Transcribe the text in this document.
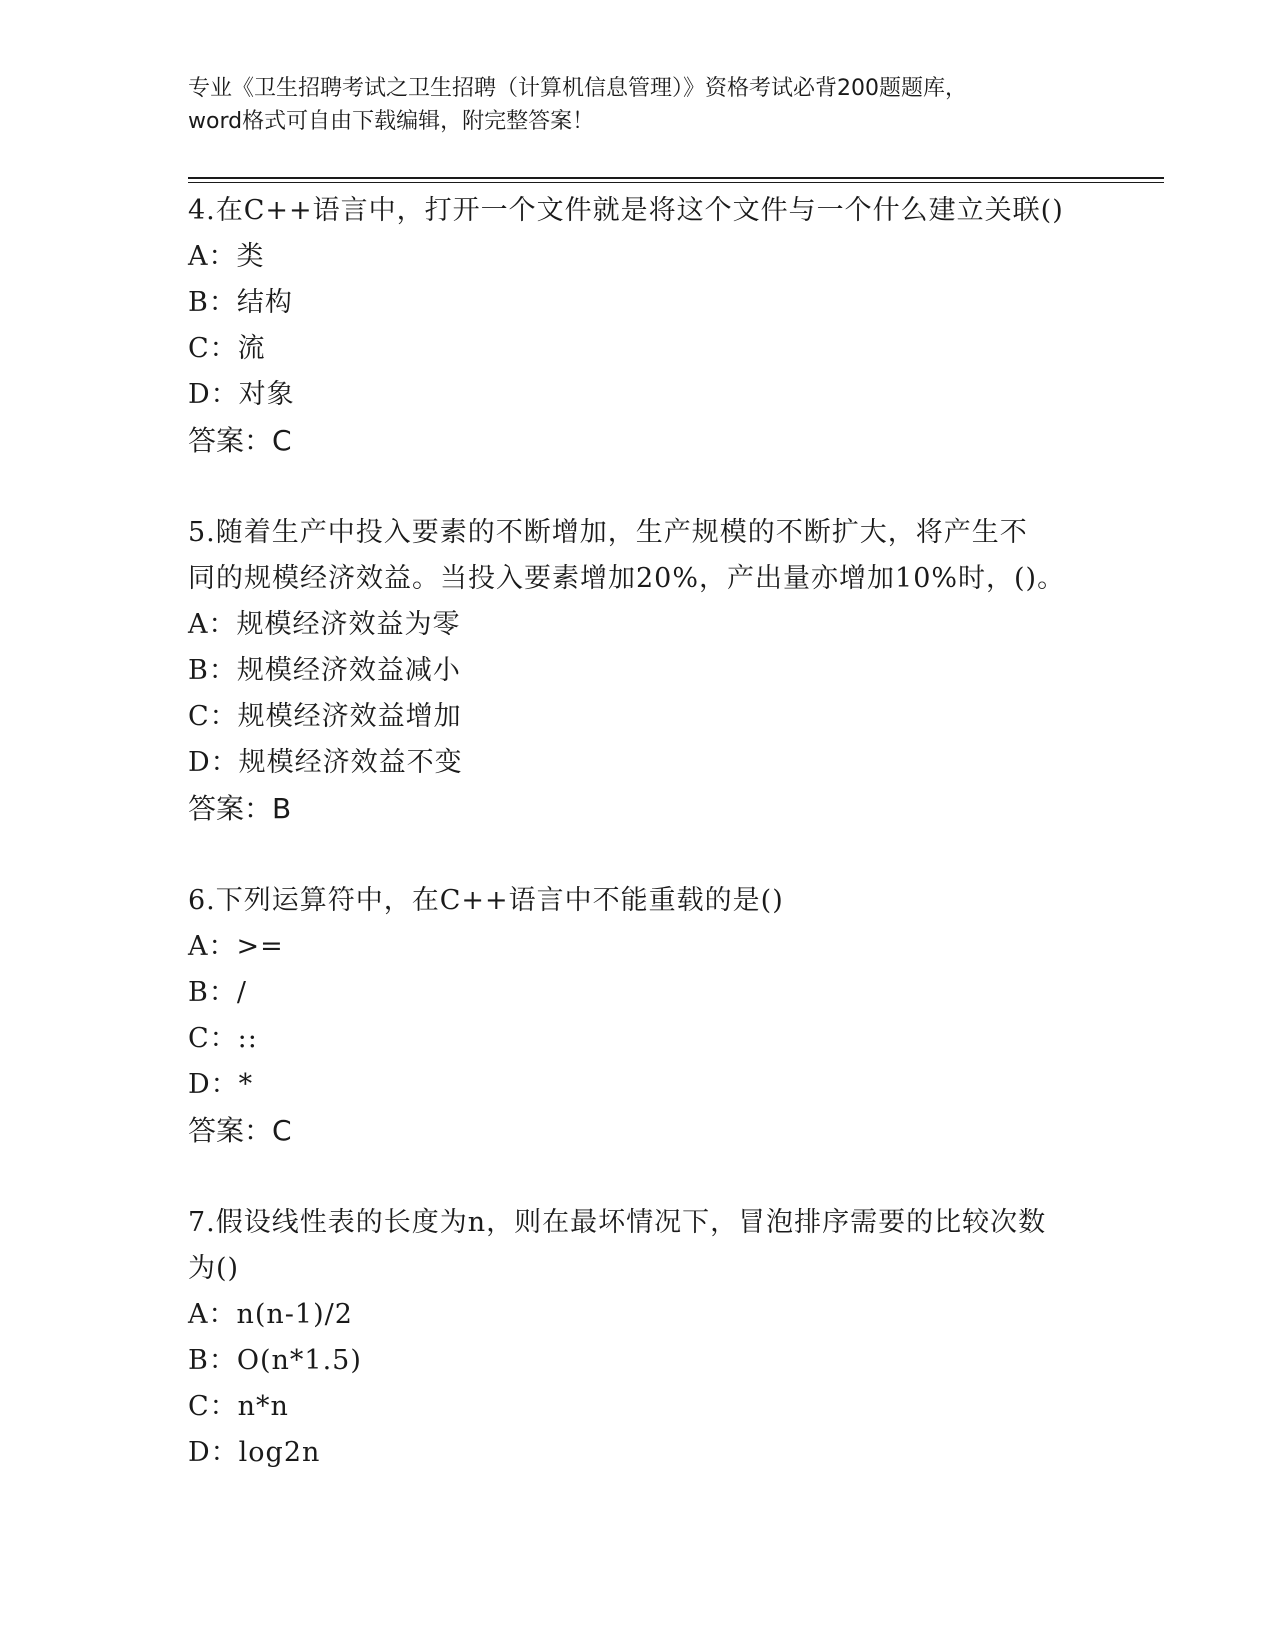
专业《卫生招聘考试之卫生招聘（计算机信息管理）》资格考试必背200题题库，
word格式可自由下载编辑，附完整答案！
4.在C++语言中，打开一个文件就是将这个文件与一个什么建立关联()
A：类
B：结构
C：流
D：对象
答案：C
5.随着生产中投入要素的不断增加，生产规模的不断扩大，将产生不
同的规模经济效益。当投入要素增加20%，产出量亦增加10%时，()。
A：规模经济效益为零
B：规模经济效益减小
C：规模经济效益增加
D：规模经济效益不变
答案：B
6.下列运算符中，在C++语言中不能重载的是()
A：>=
B：/
C：::
D：*
答案：C
7.假设线性表的长度为n，则在最坏情况下，冒泡排序需要的比较次数
为()
A：n(n-1)/2
B：O(n*1.5)
C：n*n
D：log2n
